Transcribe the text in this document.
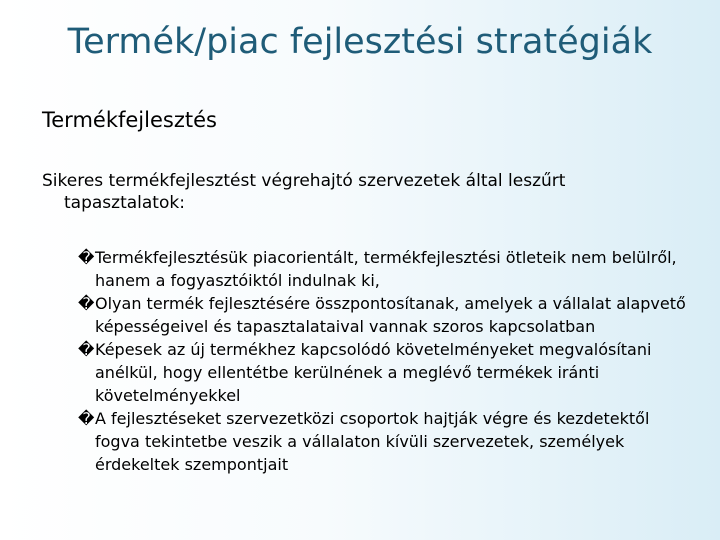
Termék/piac fejlesztési stratégiák
Termékfejlesztés
Sikeres termékfejlesztést végrehajtó szervezetek által leszűrt
tapasztalatok:
� Termékfejlesztésük piacorientált, termékfejlesztési ötleteik nem belülről, hanem a fogyasztóiktól indulnak ki,
� Olyan termék fejlesztésére összpontosítanak, amelyek a vállalat alapvető képességeivel és tapasztalataival vannak szoros kapcsolatban
� Képesek az új termékhez kapcsolódó követelményeket megvalósítani anélkül, hogy ellentétbe kerülnének a meglévő termékek iránti követelményekkel
� A fejlesztéseket szervezetközi csoportok hajtják végre és kezdetektől fogva tekintetbe veszik a vállalaton kívüli szervezetek, személyek érdekeltek szempontjait
